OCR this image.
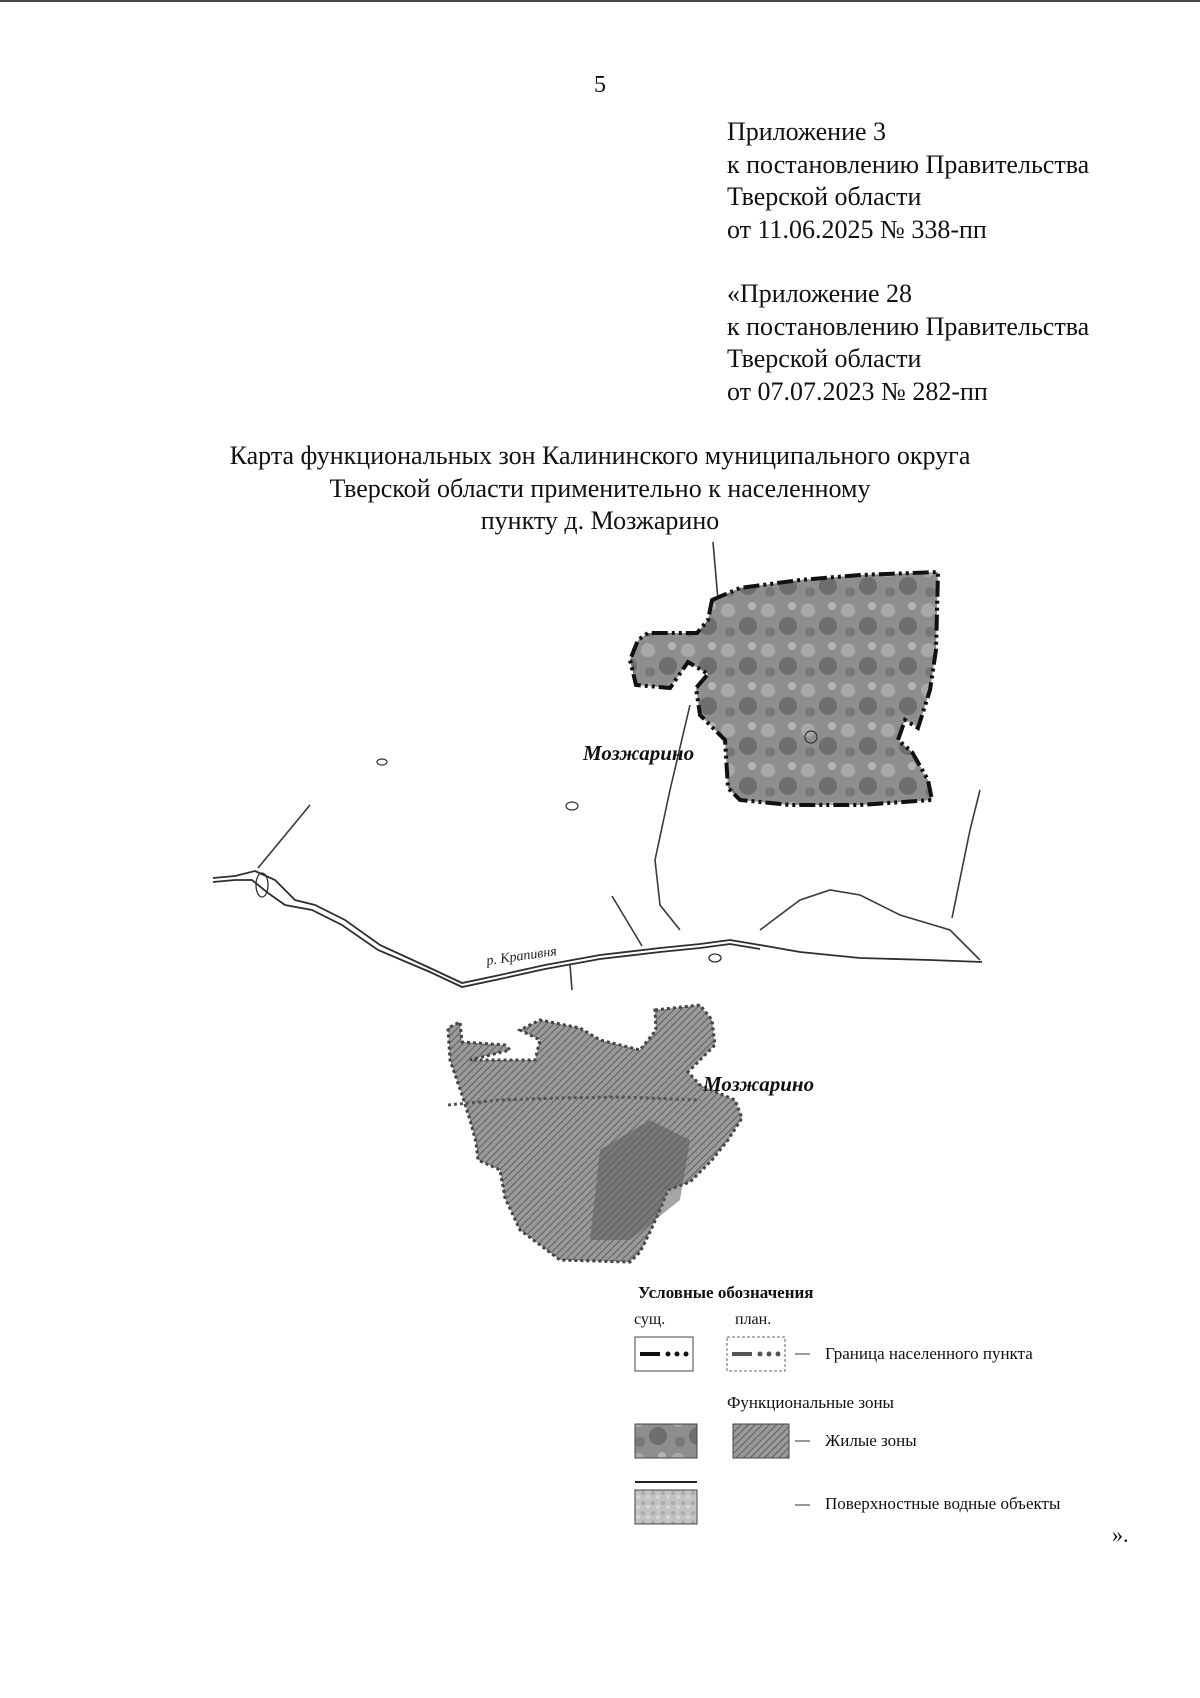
5
Приложение 3
к постановлению Правительства
Тверской области
от 11.06.2025 № 338-пп
«Приложение 28
к постановлению Правительства
Тверской области
от 07.07.2023 № 282-пп
Карта функциональных зон Калининского муниципального округа
Тверской области применительно к населенному
пункту д. Мозжарино
Мозжарино
Мозжарино
р. Крапивня
Условные обозначения
сущ.	план.
Граница населенного пункта
Функциональные зоны
Жилые зоны
Поверхностные водные объекты
».
